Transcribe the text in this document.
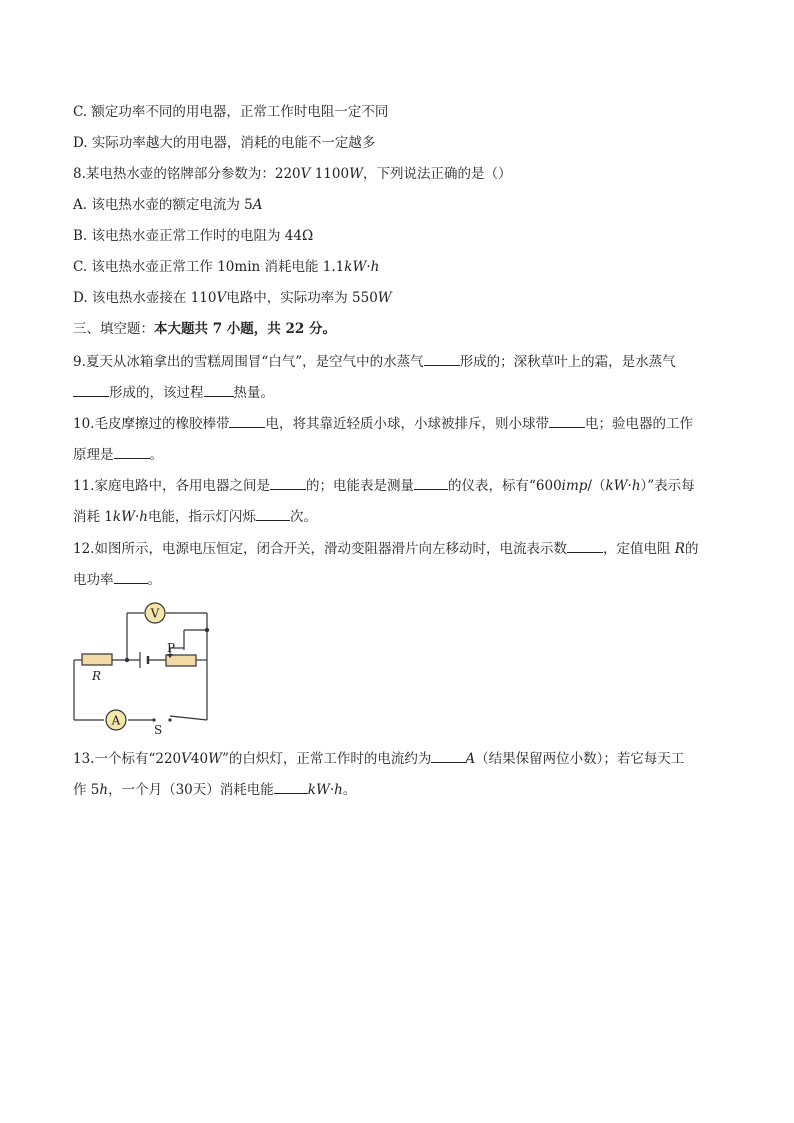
C. 额定功率不同的用电器，正常工作时电阻一定不同
D. 实际功率越大的用电器，消耗的电能不一定越多
8.某电热水壶的铭牌部分参数为：220V 1100W，下列说法正确的是（）
A. 该电热水壶的额定电流为 5A
B. 该电热水壶正常工作时的电阻为 44Ω
C. 该电热水壶正常工作 10min 消耗电能 1.1kW·h
D. 该电热水壶接在 110V电路中，实际功率为 550W
三、填空题：本大题共 7 小题，共 22 分。
9.夏天从冰箱拿出的雪糕周围冒“白气”，是空气中的水蒸气	形成的；深秋草叶上的霜，是水蒸气
形成的，该过程 热量。
10.毛皮摩擦过的橡胶棒带	电，将其靠近轻质小球，小球被排斥，则小球带	电；验电器的工作
原理是	。
11.家庭电路中，各用电器之间是	的；电能表是测量	的仪表，标有“600imp/（kW·h）”表示每
消耗 1kW·h电能，指示灯闪烁	次。
12.如图所示，电源电压恒定，闭合开关，滑动变阻器滑片向左移动时，电流表示数	，定值电阻 R的
电功率	。
V
A
P
R
S
13.一个标有“220V40W”的白炽灯，正常工作时的电流约为	A（结果保留两位小数）；若它每天工
作 5h，一个月（30天）消耗电能	kW·h。
